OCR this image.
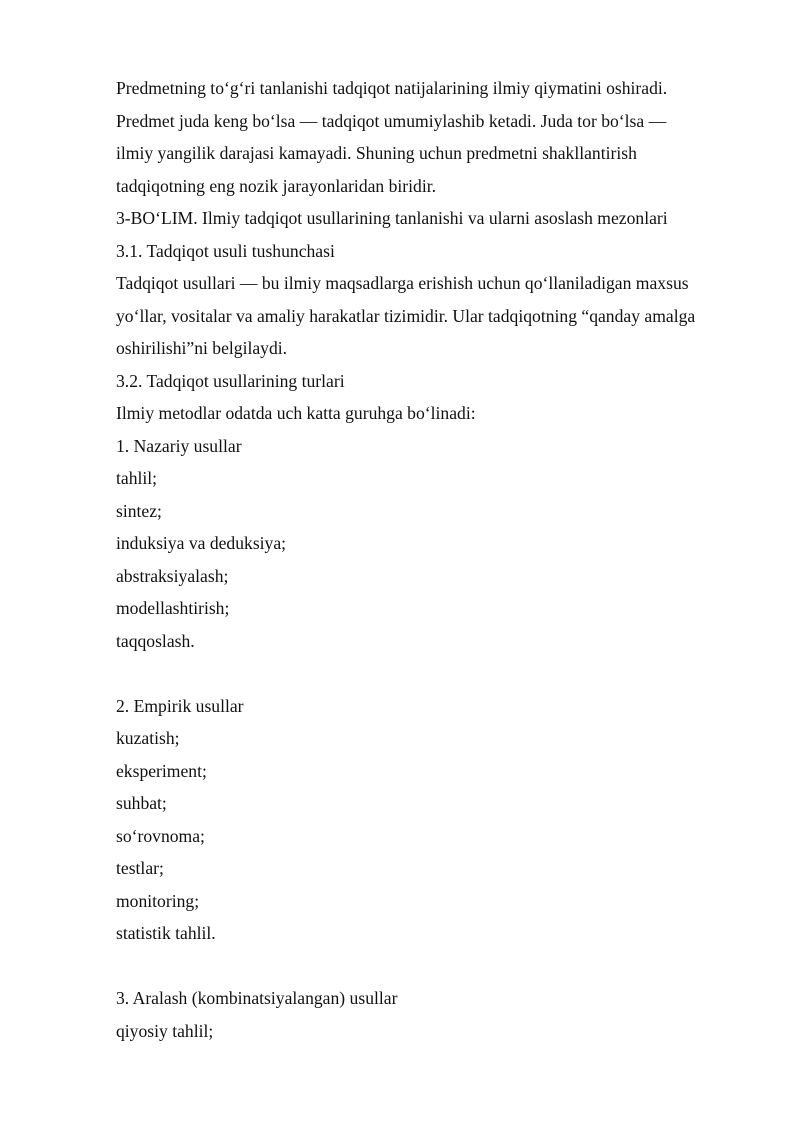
Predmetning to‘g‘ri tanlanishi tadqiqot natijalarining ilmiy qiymatini oshiradi.
Predmet juda keng bo‘lsa — tadqiqot umumiylashib ketadi. Juda tor bo‘lsa —
ilmiy yangilik darajasi kamayadi. Shuning uchun predmetni shakllantirish
tadqiqotning eng nozik jarayonlaridan biridir.
3-BO‘LIM. Ilmiy tadqiqot usullarining tanlanishi va ularni asoslash mezonlari
3.1. Tadqiqot usuli tushunchasi
Tadqiqot usullari — bu ilmiy maqsadlarga erishish uchun qo‘llaniladigan maxsus
yo‘llar, vositalar va amaliy harakatlar tizimidir. Ular tadqiqotning “qanday amalga
oshirilishi”ni belgilaydi.
3.2. Tadqiqot usullarining turlari
Ilmiy metodlar odatda uch katta guruhga bo‘linadi:
1. Nazariy usullar
tahlil;
sintez;
induksiya va deduksiya;
abstraksiyalash;
modellashtirish;
taqqoslash.
2. Empirik usullar
kuzatish;
eksperiment;
suhbat;
so‘rovnoma;
testlar;
monitoring;
statistik tahlil.
3. Aralash (kombinatsiyalangan) usullar
qiyosiy tahlil;
